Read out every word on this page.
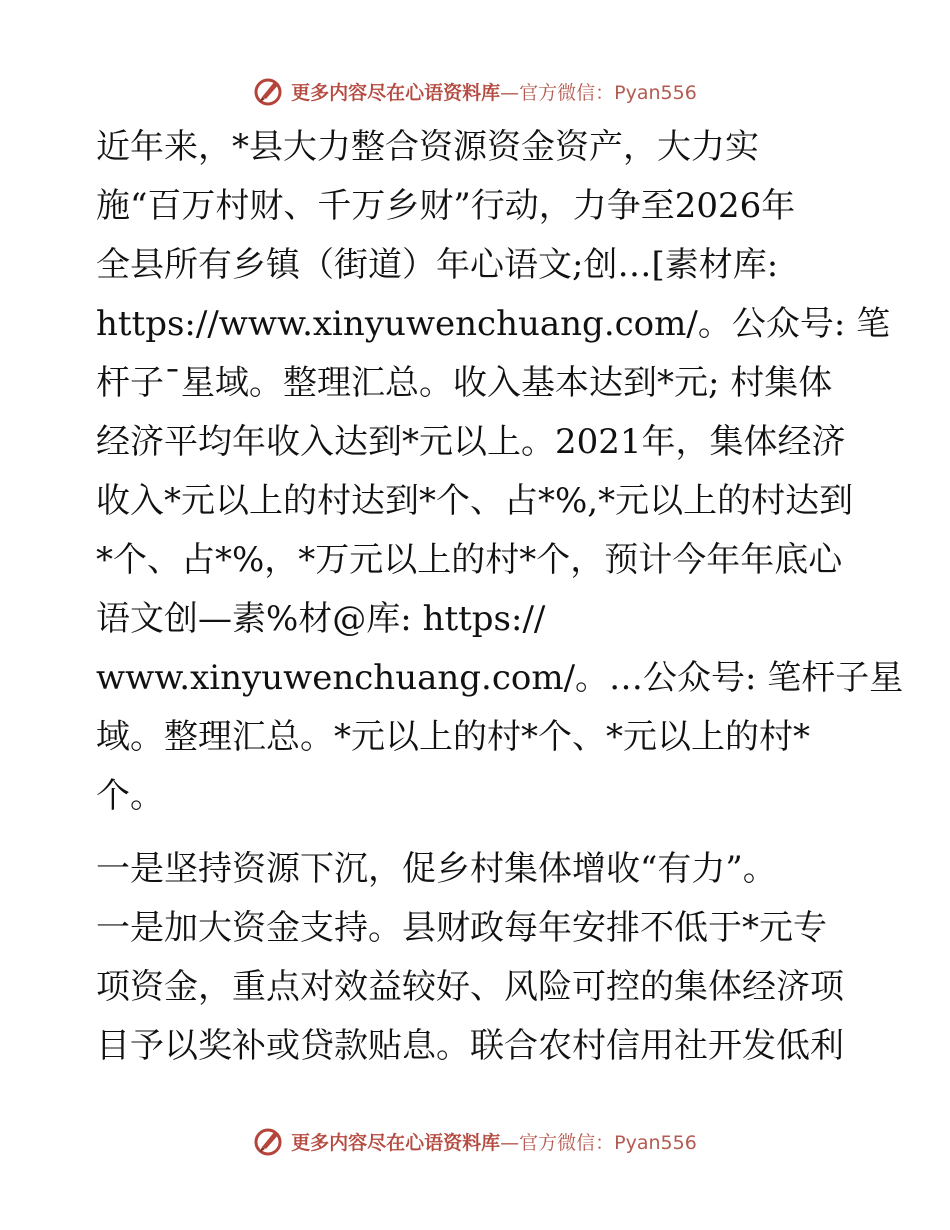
更多内容尽在心语资料库—官方微信：Pyan556
近年来，*县大力整合资源资金资产，大力实
施“百万村财、千万乡财”行动，力争至2026年
全县所有乡镇（街道）年心语文;创…[素材库:
https://www.xinyuwenchuang.com/。公众号: 笔
杆子¯星域。整理汇总。收入基本达到*元; 村集体
经济平均年收入达到*元以上。2021年，集体经济
收入*元以上的村达到*个、占*%,*元以上的村达到
*个、占*%，*万元以上的村*个，预计今年年底心
语文创—素%材@库: https://
www.xinyuwenchuang.com/。…公众号: 笔杆子星
域。整理汇总。*元以上的村*个、*元以上的村*
个。
一是坚持资源下沉，促乡村集体增收“有力”。
一是加大资金支持。县财政每年安排不低于*元专
项资金，重点对效益较好、风险可控的集体经济项
目予以奖补或贷款贴息。联合农村信用社开发低利
更多内容尽在心语资料库—官方微信：Pyan556
